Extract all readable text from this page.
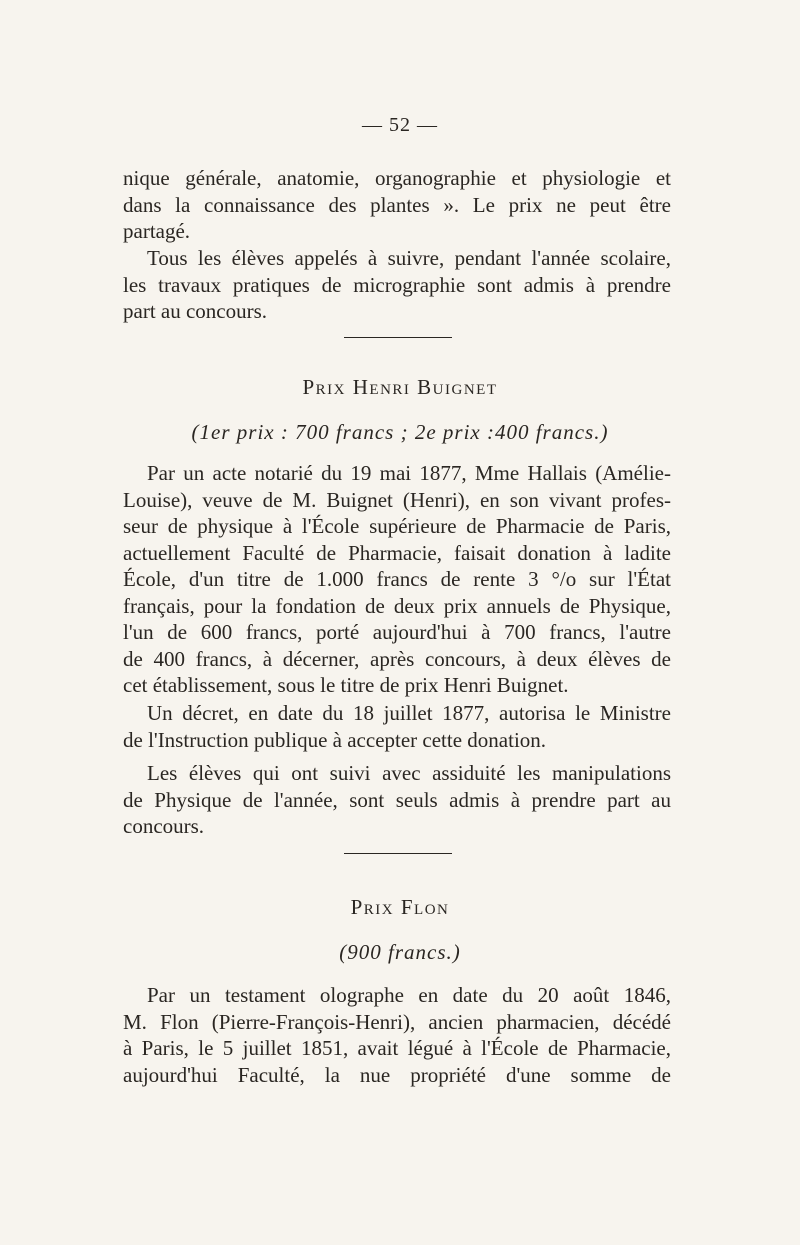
— 52 —

nique générale, anatomie, organographie et physiologie et
dans la connaissance des plantes ». Le prix ne peut être
partagé.

Tous les élèves appelés à suivre, pendant l'année scolaire,
les travaux pratiques de micrographie sont admis à prendre
part au concours.

Prix Henri Buignet
(1er prix : 700 francs ; 2e prix :400 francs.)

Par un acte notarié du 19 mai 1877, Mme Hallais (Amélie-
Louise), veuve de M. Buignet (Henri), en son vivant profes-
seur de physique à l'École supérieure de Pharmacie de Paris,
actuellement Faculté de Pharmacie, faisait donation à ladite
École, d'un titre de 1.000 francs de rente 3 °/o sur l'État
français, pour la fondation de deux prix annuels de Physique,
l'un de 600 francs, porté aujourd'hui à 700 francs, l'autre
de 400 francs, à décerner, après concours, à deux élèves de
cet établissement, sous le titre de prix Henri Buignet.

Un décret, en date du 18 juillet 1877, autorisa le Ministre
de l'Instruction publique à accepter cette donation.

Les élèves qui ont suivi avec assiduité les manipulations
de Physique de l'année, sont seuls admis à prendre part au
concours.

Prix Flon
(900 francs.)

Par un testament olographe en date du 20 août 1846,
M. Flon (Pierre-François-Henri), ancien pharmacien, décédé
à Paris, le 5 juillet 1851, avait légué à l'École de Pharmacie,
aujourd'hui Faculté, la nue propriété d'une somme de
